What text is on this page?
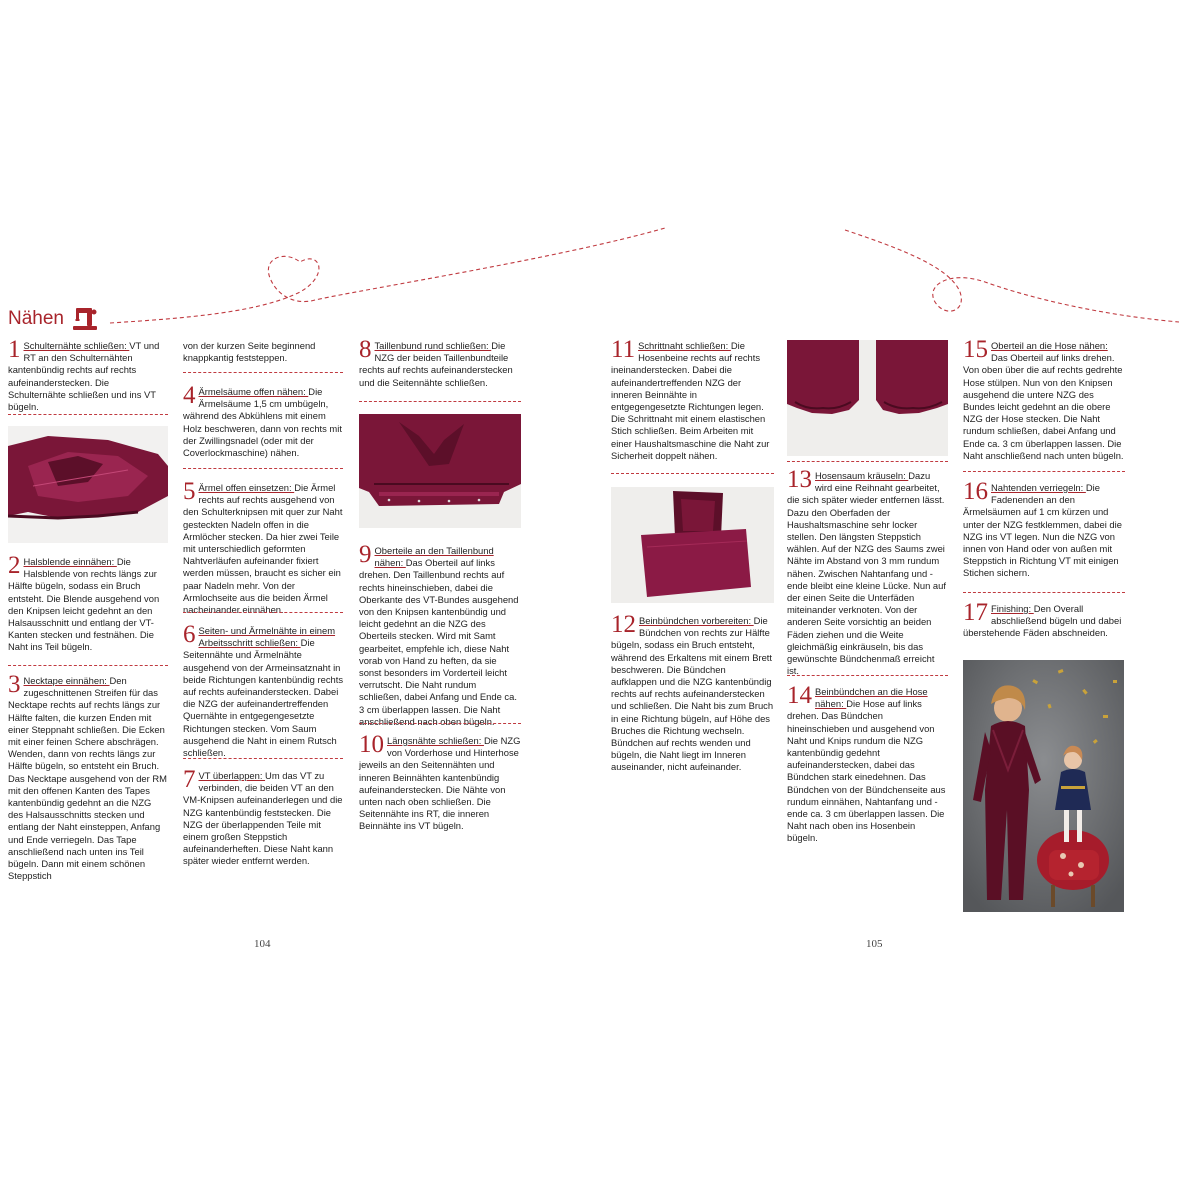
Nähen
1 Schulternähte schließen: VT und RT an den Schulternähten kantenbündig rechts auf rechts aufeinanderstecken. Die Schulternähte schließen und ins VT bügeln.
2 Halsblende einnähen: Die Halsblende von rechts längs zur Hälfte bügeln, sodass ein Bruch entsteht. Die Blende ausgehend von den Knipsen leicht gedehnt an den Halsausschnitt und entlang der VT-Kanten stecken und festnähen. Die Naht ins Teil bügeln.
3 Necktape einnähen: Den zugeschnittenen Streifen für das Necktape rechts auf rechts längs zur Hälfte falten, die kurzen Enden mit einer Steppnaht schließen. Die Ecken mit einer feinen Schere abschrägen. Wenden, dann von rechts längs zur Hälfte bügeln, so entsteht ein Bruch. Das Necktape ausgehend von der RM mit den offenen Kanten des Tapes kantenbündig gedehnt an die NZG des Halsausschnitts stecken und entlang der Naht einsteppen, Anfang und Ende verriegeln. Das Tape anschließend nach unten ins Teil bügeln. Dann mit einem schönen Steppstich
von der kurzen Seite beginnend knappkantig feststeppen.
4 Ärmelsäume offen nähen: Die Ärmelsäume 1,5 cm umbügeln, während des Abkühlens mit einem Holz beschweren, dann von rechts mit der Zwillingsnadel (oder mit der Coverlockmaschine) nähen.
5 Ärmel offen einsetzen: Die Ärmel rechts auf rechts ausgehend von den Schulterknipsen mit quer zur Naht gesteckten Nadeln offen in die Armlöcher stecken. Da hier zwei Teile mit unterschiedlich geformten Nahtverläufen aufeinander fixiert werden müssen, braucht es sicher ein paar Nadeln mehr. Von der Armlochseite aus die beiden Ärmel nacheinander einnähen.
6 Seiten- und Ärmelnähte in einem Arbeitsschritt schließen: Die Seitennähte und Ärmelnähte ausgehend von der Armeinsatznaht in beide Richtungen kantenbündig rechts auf rechts aufeinanderstecken. Dabei die NZG der aufeinandertreffenden Quernähte in entgegengesetzte Richtungen stecken. Vom Saum ausgehend die Naht in einem Rutsch schließen.
7 VT überlappen: Um das VT zu verbinden, die beiden VT an den VM-Knipsen aufeinanderlegen und die NZG kantenbündig feststecken. Die NZG der überlappenden Teile mit einem großen Steppstich aufeinanderheften. Diese Naht kann später wieder entfernt werden.
8 Taillenbund rund schließen: Die NZG der beiden Taillenbundteile rechts auf rechts aufeinanderstecken und die Seitennähte schließen.
9 Oberteile an den Taillenbund nähen: Das Oberteil auf links drehen. Den Taillenbund rechts auf rechts hineinschieben, dabei die Oberkante des VT-Bundes ausgehend von den Knipsen kantenbündig und leicht gedehnt an die NZG des Oberteils stecken. Wird mit Samt gearbeitet, empfehle ich, diese Naht vorab von Hand zu heften, da sie sonst besonders im Vorderteil leicht verrutscht. Die Naht rundum schließen, dabei Anfang und Ende ca. 3 cm überlappen lassen. Die Naht anschließend nach oben bügeln.
10 Längsnähte schließen: Die NZG von Vorderhose und Hinterhose jeweils an den Seitennähten und inneren Beinnähten kantenbündig aufeinanderstecken. Die Nähte von unten nach oben schließen. Die Seitennähte ins RT, die inneren Beinnähte ins VT bügeln.
11 Schrittnaht schließen: Die Hosenbeine rechts auf rechts ineinanderstecken. Dabei die aufeinandertreffenden NZG der inneren Beinnähte in entgegengesetzte Richtungen legen. Die Schrittnaht mit einem elastischen Stich schließen. Beim Arbeiten mit einer Haushaltsmaschine die Naht zur Sicherheit doppelt nähen.
12 Beinbündchen vorbereiten: Die Bündchen von rechts zur Hälfte bügeln, sodass ein Bruch entsteht, während des Erkaltens mit einem Brett beschweren. Die Bündchen aufklappen und die NZG kantenbündig rechts auf rechts aufeinanderstecken und schließen. Die Naht bis zum Bruch in eine Richtung bügeln, auf Höhe des Bruches die Richtung wechseln. Bündchen auf rechts wenden und bügeln, die Naht liegt im Inneren auseinander, nicht aufeinander.
13 Hosensaum kräuseln: Dazu wird eine Reihnaht gearbeitet, die sich später wieder entfernen lässt. Dazu den Oberfaden der Haushaltsmaschine sehr locker stellen. Den längsten Steppstich wählen. Auf der NZG des Saums zwei Nähte im Abstand von 3 mm rundum nähen. Zwischen Nahtanfang und -ende bleibt eine kleine Lücke. Nun auf der einen Seite die Unterfäden miteinander verknoten. Von der anderen Seite vorsichtig an beiden Fäden ziehen und die Weite gleichmäßig einkräuseln, bis das gewünschte Bündchenmaß erreicht ist.
14 Beinbündchen an die Hose nähen: Die Hose auf links drehen. Das Bündchen hineinschieben und ausgehend von Naht und Knips rundum die NZG kantenbündig gedehnt aufeinanderstecken, dabei das Bündchen stark einedehnen. Das Bündchen von der Bündchenseite aus rundum einnähen, Nahtanfang und -ende ca. 3 cm überlappen lassen. Die Naht nach oben ins Hosenbein bügeln.
15 Oberteil an die Hose nähen: Das Oberteil auf links drehen. Von oben über die auf rechts gedrehte Hose stülpen. Nun von den Knipsen ausgehend die untere NZG des Bundes leicht gedehnt an die obere NZG der Hose stecken. Die Naht rundum schließen, dabei Anfang und Ende ca. 3 cm überlappen lassen. Die Naht anschließend nach unten bügeln.
16 Nahtenden verriegeln: Die Fadenenden an den Ärmelsäumen auf 1 cm kürzen und unter der NZG festklemmen, dabei die NZG ins VT legen. Nun die NZG von innen von Hand oder von außen mit Steppstich in Richtung VT mit einigen Stichen sichern.
17 Finishing: Den Overall abschließend bügeln und dabei überstehende Fäden abschneiden.
104	105
